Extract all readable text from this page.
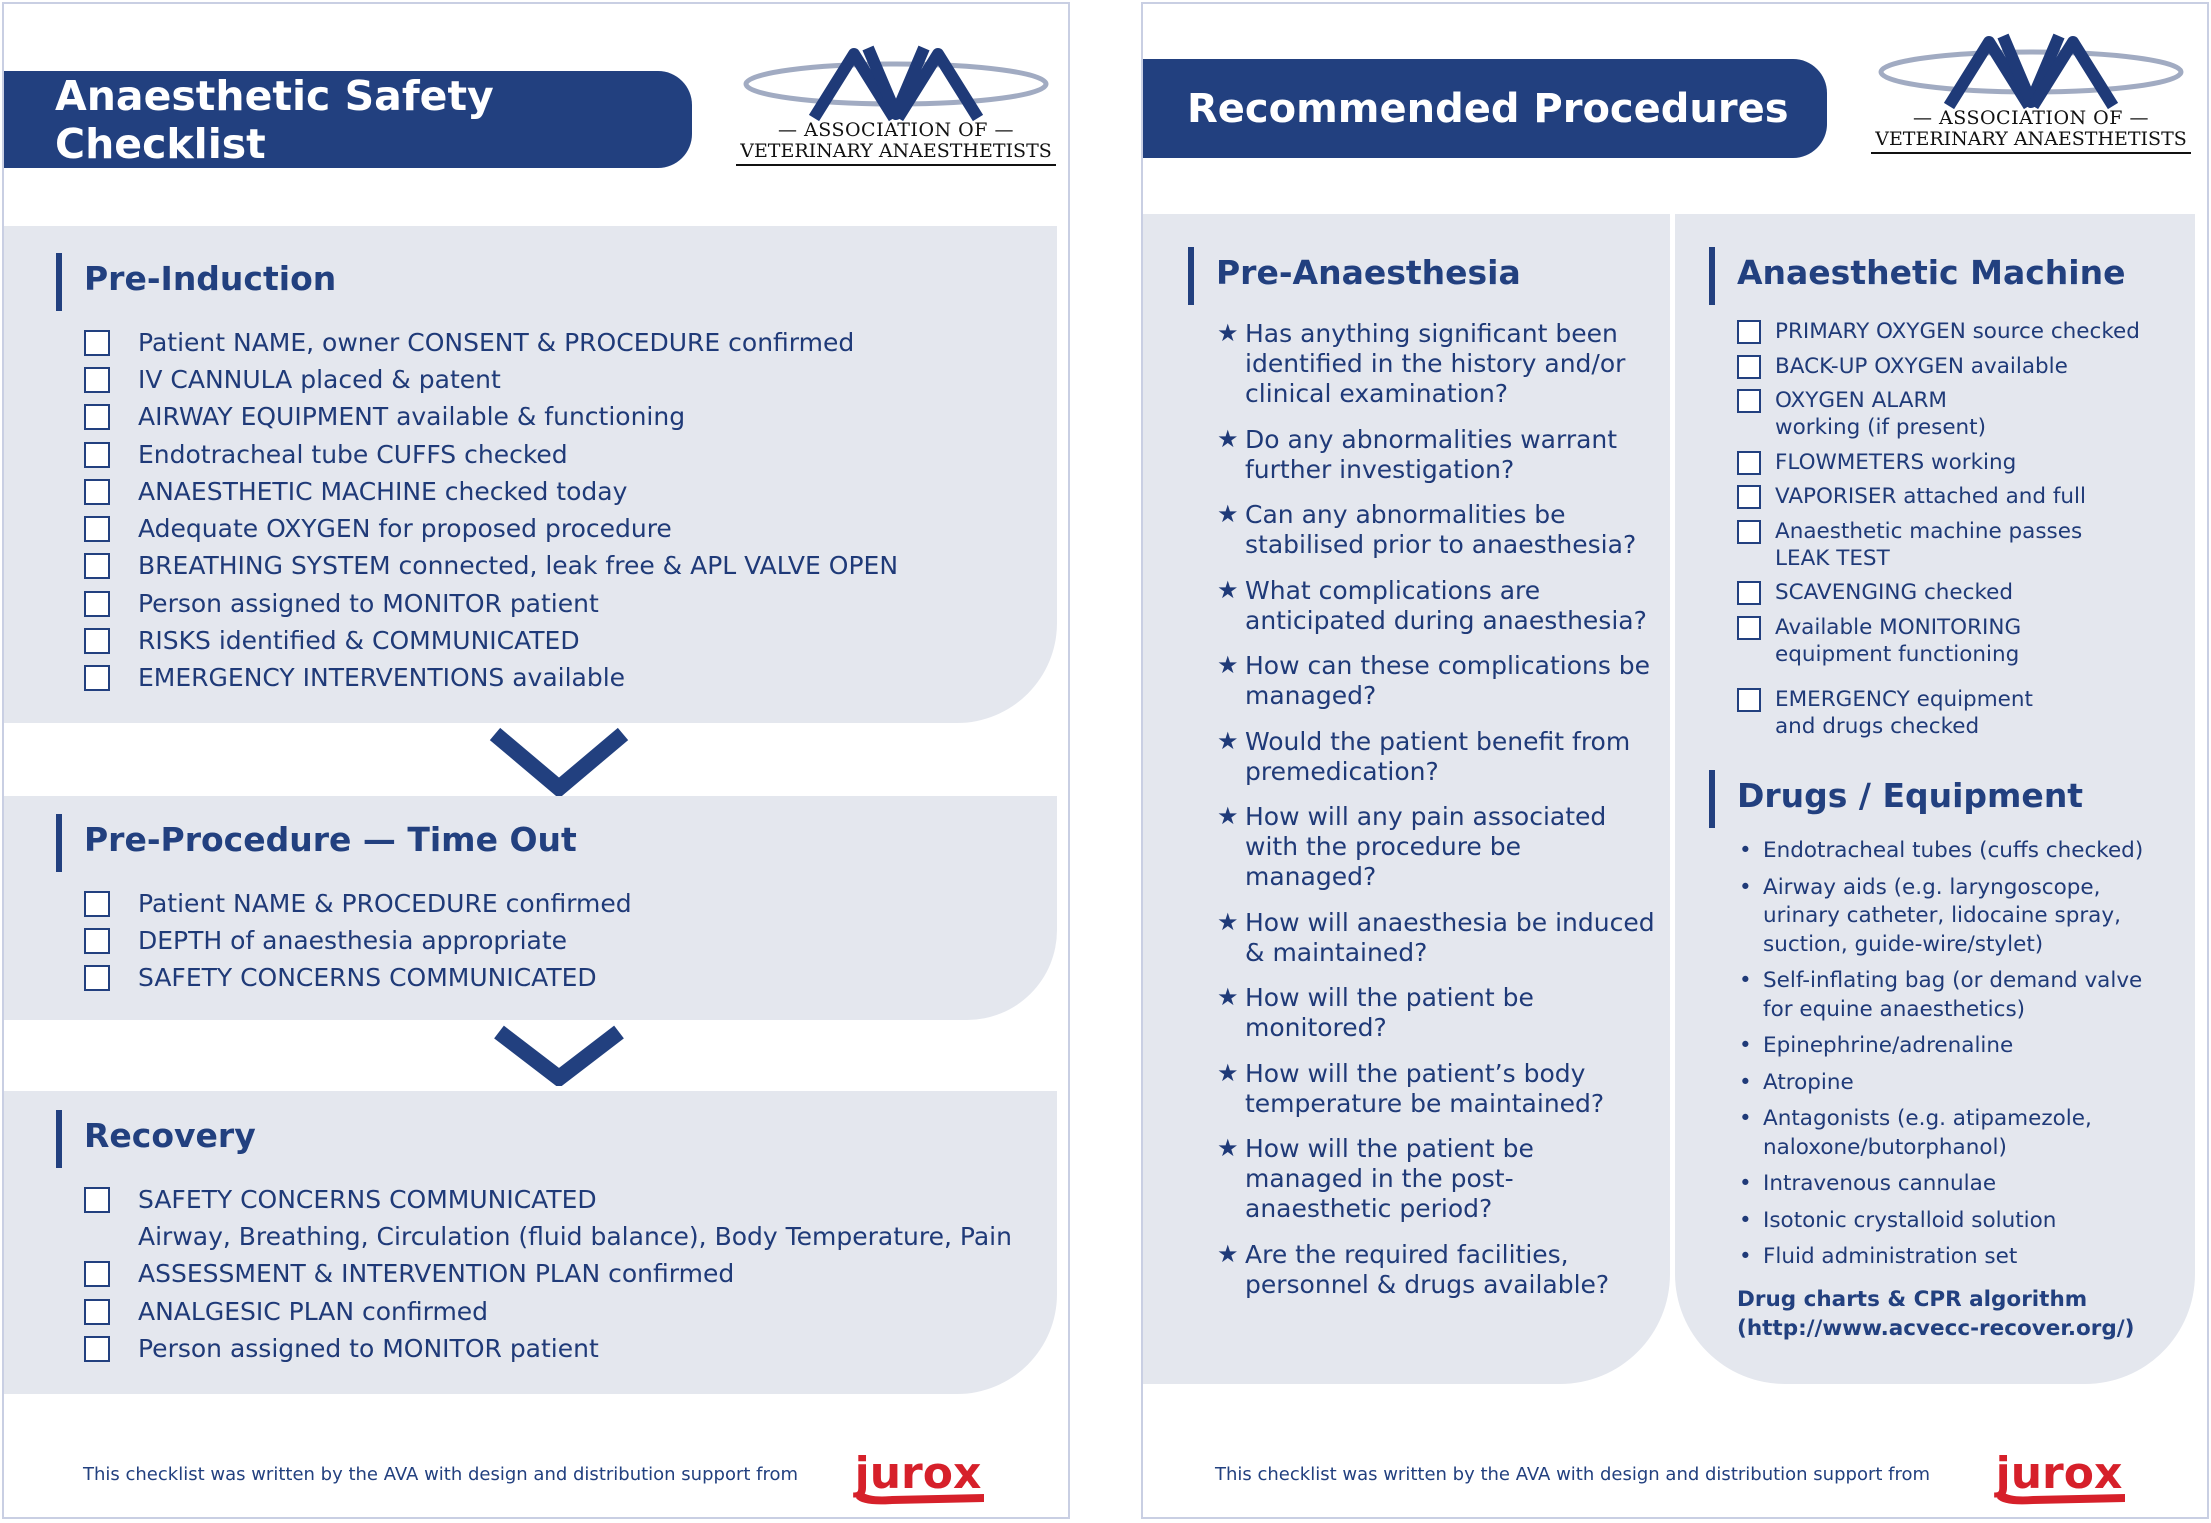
Anaesthetic Safety Checklist	— ASSOCIATION OF —
VETERINARY ANAESTHETISTS
Pre-Induction
Patient NAME, owner CONSENT & PROCEDURE confirmed
IV CANNULA placed & patent
AIRWAY EQUIPMENT available & functioning
Endotracheal tube CUFFS checked
ANAESTHETIC MACHINE checked today
Adequate OXYGEN for proposed procedure
BREATHING SYSTEM connected, leak free & APL VALVE OPEN
Person assigned to MONITOR patient
RISKS identified & COMMUNICATED
EMERGENCY INTERVENTIONS available
Pre-Procedure — Time Out
Patient NAME & PROCEDURE confirmed
DEPTH of anaesthesia appropriate
SAFETY CONCERNS COMMUNICATED
Recovery
SAFETY CONCERNS COMMUNICATED
Airway, Breathing, Circulation (fluid balance), Body Temperature, Pain
ASSESSMENT & INTERVENTION PLAN confirmed
ANALGESIC PLAN confirmed
Person assigned to MONITOR patient
This checklist was written by the AVA with design and distribution support from jurox
Recommended Procedures	— ASSOCIATION OF —
VETERINARY ANAESTHETISTS
Pre-Anaesthesia
★ Has anything significant been identified in the history and/or clinical examination?
★ Do any abnormalities warrant further investigation?
★ Can any abnormalities be stabilised prior to anaesthesia?
★ What complications are anticipated during anaesthesia?
★ How can these complications be managed?
★ Would the patient benefit from premedication?
★ How will any pain associated with the procedure be managed?
★ How will anaesthesia be induced & maintained?
★ How will the patient be monitored?
★ How will the patient’s body temperature be maintained?
★ How will the patient be managed in the post-anaesthetic period?
★ Are the required facilities, personnel & drugs available?
Anaesthetic Machine
PRIMARY OXYGEN source checked
BACK-UP OXYGEN available
OXYGEN ALARM working (if present)
FLOWMETERS working
VAPORISER attached and full
Anaesthetic machine passes LEAK TEST
SCAVENGING checked
Available MONITORING equipment functioning
EMERGENCY equipment and drugs checked
Drugs / Equipment
• Endotracheal tubes (cuffs checked)
• Airway aids (e.g. laryngoscope, urinary catheter, lidocaine spray, suction, guide-wire/stylet)
• Self-inflating bag (or demand valve for equine anaesthetics)
• Epinephrine/adrenaline
• Atropine
• Antagonists (e.g. atipamezole, naloxone/butorphanol)
• Intravenous cannulae
• Isotonic crystalloid solution
• Fluid administration set
Drug charts & CPR algorithm
(http://www.acvecc-recover.org/)
This checklist was written by the AVA with design and distribution support from jurox
